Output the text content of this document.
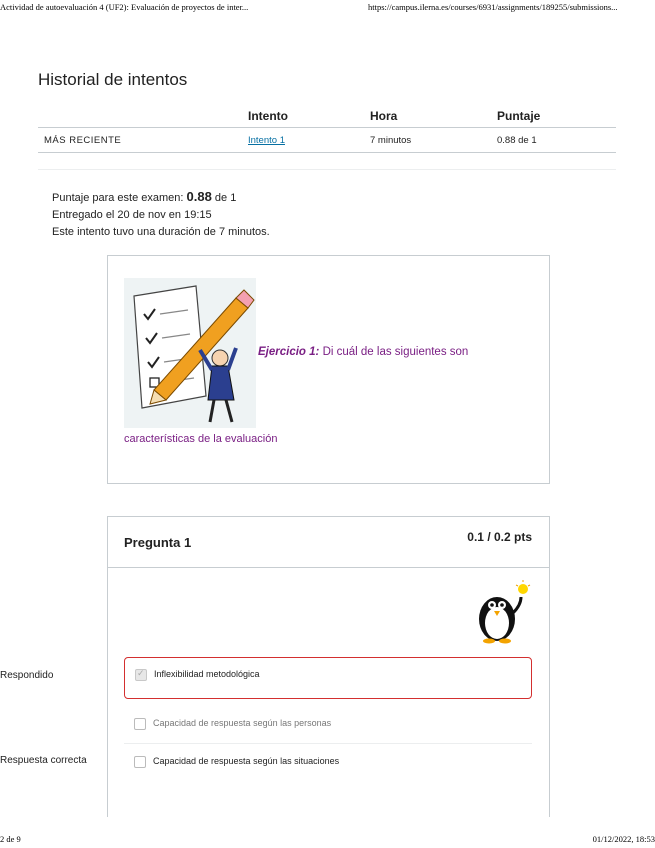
Actividad de autoevaluación 4 (UF2): Evaluación de proyectos de inter...	https://campus.ilerna.es/courses/6931/assignments/189255/submissions...
Historial de intentos
Intento	Hora	Puntaje
MÁS RECIENTE	Intento 1	7 minutos	0.88 de 1
Puntaje para este examen: 0.88 de 1
Entregado el 20 de nov en 19:15
Este intento tuvo una duración de 7 minutos.
Ejercicio 1: Di cuál de las siguientes son
características de la evaluación
Pregunta 1	0.1 / 0.2 pts
Respondido
✓	Inflexibilidad metodológica
Capacidad de respuesta según las personas
Respuesta correcta	Capacidad de respuesta según las situaciones
2 de 9	01/12/2022, 18:53
